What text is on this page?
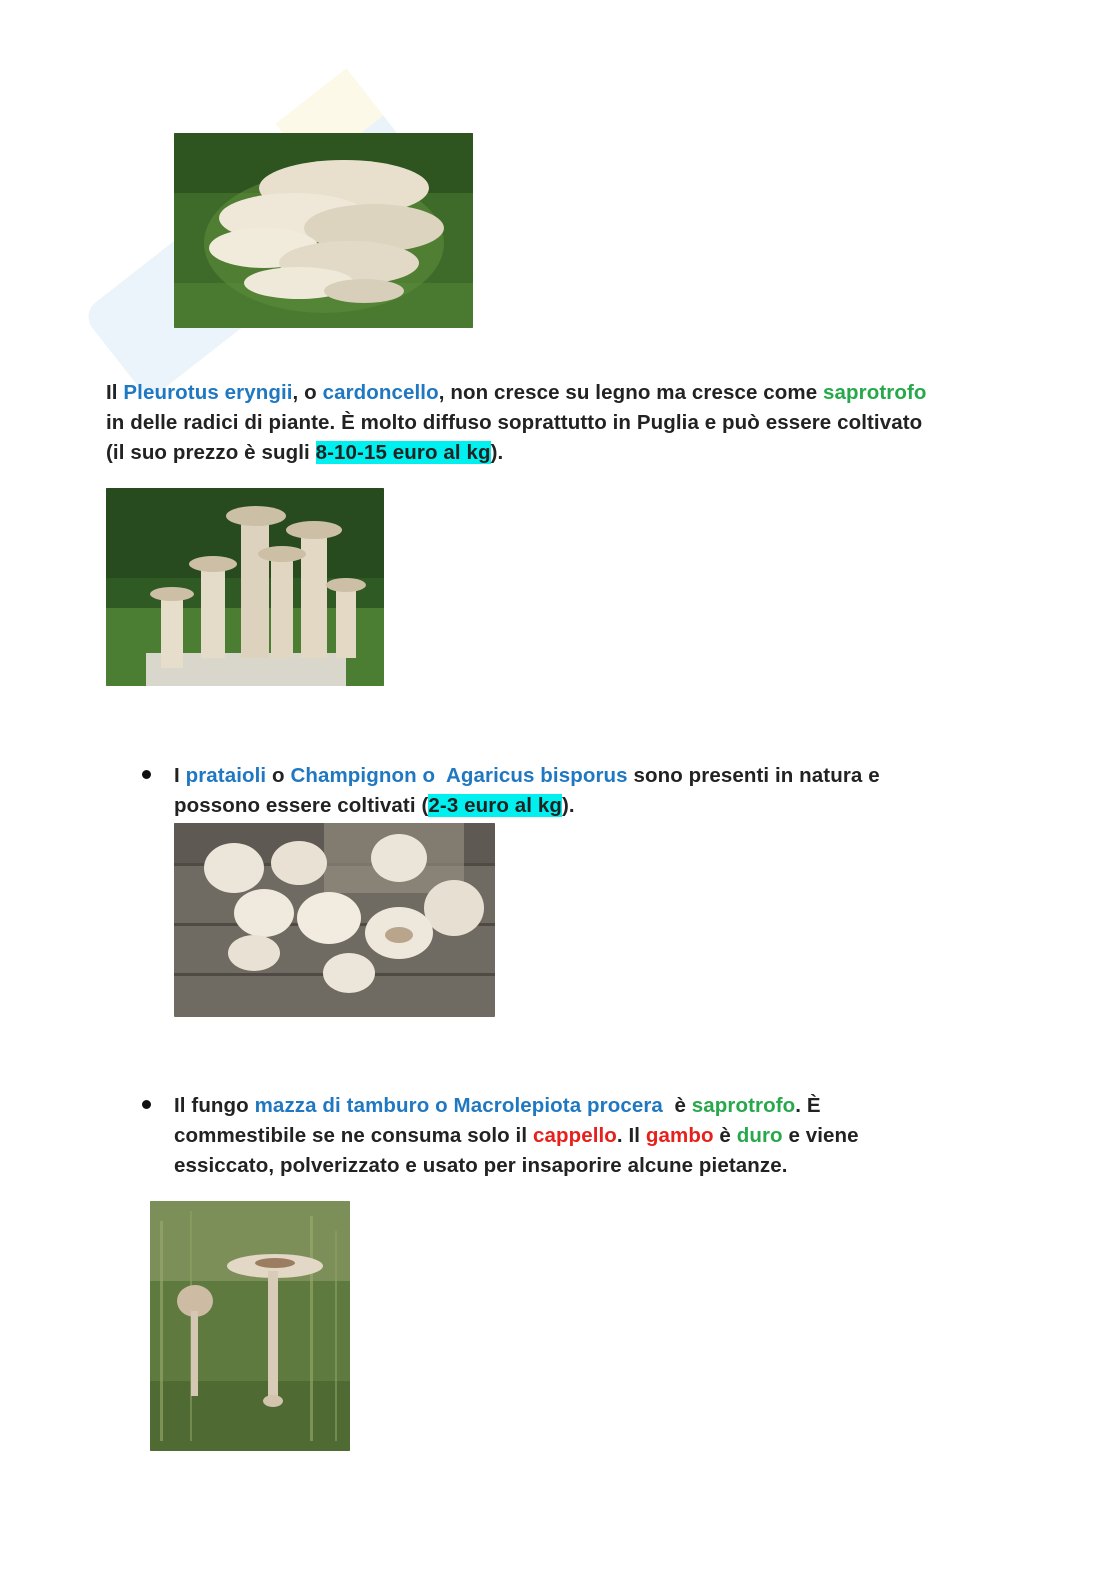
Il Pleurotus eryngii, o cardoncello, non cresce su legno ma cresce come saprotrofo
in delle radici di piante. È molto diffuso soprattutto in Puglia e può essere coltivato
(il suo prezzo è sugli 8-10-15 euro al kg).
I prataioli o Champignon o  Agaricus bisporus sono presenti in natura e
possono essere coltivati (2-3 euro al kg).
Il fungo mazza di tamburo o Macrolepiota procera  è saprotrofo. È
commestibile se ne consuma solo il cappello. Il gambo è duro e viene
essiccato, polverizzato e usato per insaporire alcune pietanze.
